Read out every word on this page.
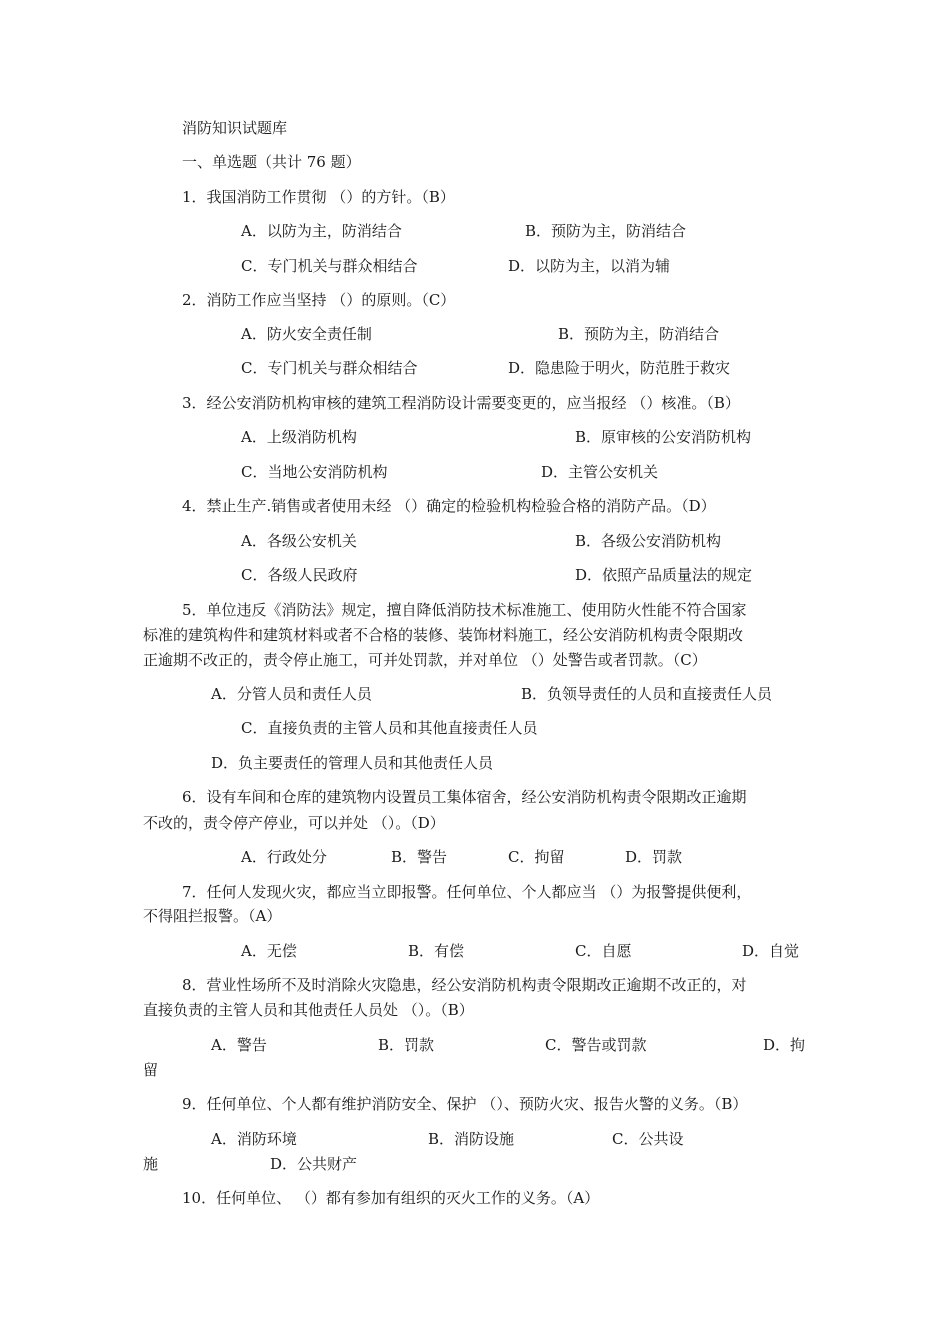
消防知识试题库
一、单选题（共计 76 题）
1．我国消防工作贯彻 （）的方针。（B）
A．以防为主，防消结合	B．预防为主，防消结合
C．专门机关与群众相结合	D．以防为主，以消为辅
2．消防工作应当坚持 （）的原则。（C）
A．防火安全责任制	B．预防为主，防消结合
C．专门机关与群众相结合	D．隐患险于明火，防范胜于救灾
3．经公安消防机构审核的建筑工程消防设计需要变更的，应当报经 （）核准。（B）
A．上级消防机构	B．原审核的公安消防机构
C．当地公安消防机构	D．主管公安机关
4．禁止生产.销售或者使用未经 （）确定的检验机构检验合格的消防产品。（D）
A．各级公安机关	B．各级公安消防机构
C．各级人民政府	D．依照产品质量法的规定
5．单位违反《消防法》规定，擅自降低消防技术标准施工、使用防火性能不符合国家
标准的建筑构件和建筑材料或者不合格的装修、装饰材料施工，经公安消防机构责令限期改
正逾期不改正的，责令停止施工，可并处罚款，并对单位 （）处警告或者罚款。（C）
A．分管人员和责任人员	B．负领导责任的人员和直接责任人员
C．直接负责的主管人员和其他直接责任人员
D．负主要责任的管理人员和其他责任人员
6．设有车间和仓库的建筑物内设置员工集体宿舍，经公安消防机构责令限期改正逾期
不改的，责令停产停业，可以并处 （）。（D）
A．行政处分	B．警告	C．拘留	D．罚款
7．任何人发现火灾，都应当立即报警。任何单位、个人都应当 （）为报警提供便利，
不得阻拦报警。（A）
A．无偿	B．有偿	C．自愿	D．自觉
8．营业性场所不及时消除火灾隐患，经公安消防机构责令限期改正逾期不改正的，对
直接负责的主管人员和其他责任人员处 （）。（B）
A．警告	B．罚款	C．警告或罚款	D．拘
留
9．任何单位、个人都有维护消防安全、保护 （）、预防火灾、报告火警的义务。（B）
A．消防环境	B．消防设施	C．公共设
施	D．公共财产
10．任何单位、 （）都有参加有组织的灭火工作的义务。（A）
